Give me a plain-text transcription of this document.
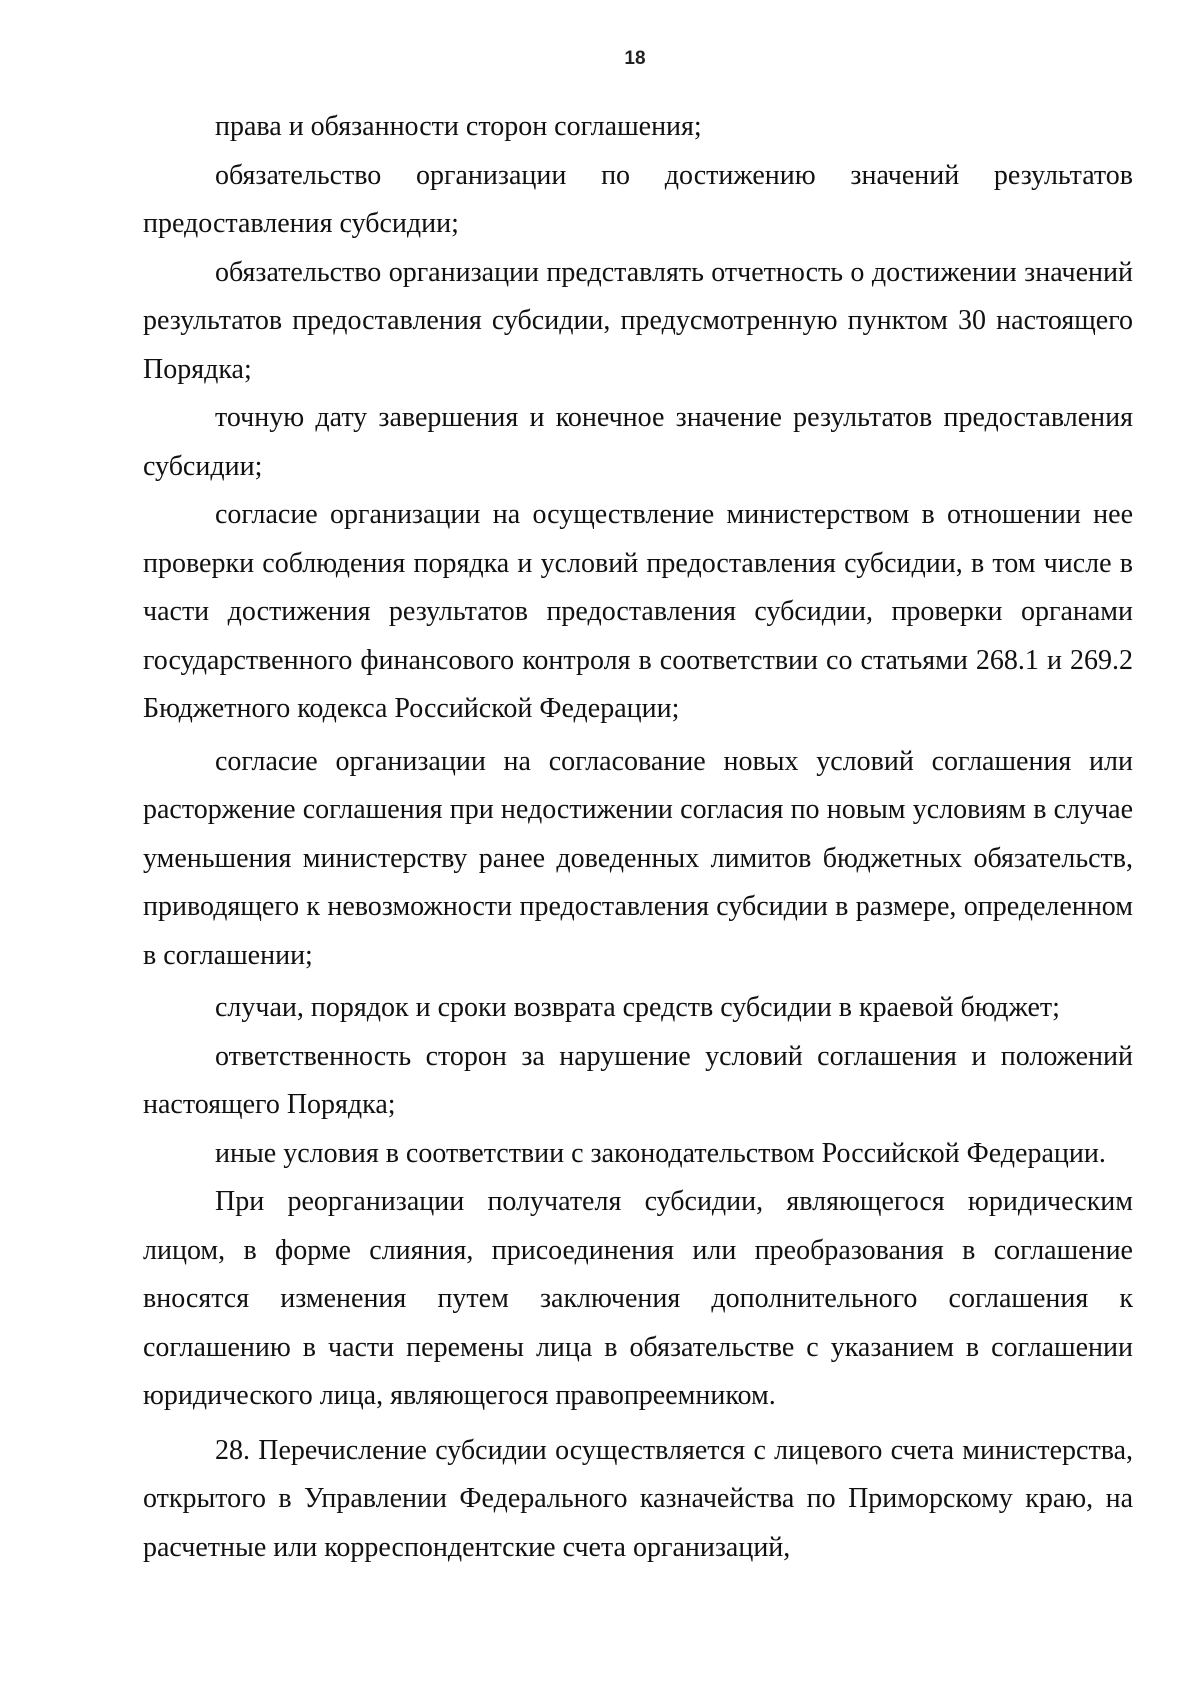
18

права и обязанности сторон соглашения;

обязательство организации по достижению значений результатов предоставления субсидии;

обязательство организации представлять отчетность о достижении значений результатов предоставления субсидии, предусмотренную пунктом 30 настоящего Порядка;

точную дату завершения и конечное значение результатов предоставления субсидии;

согласие организации на осуществление министерством в отношении нее проверки соблюдения порядка и условий предоставления субсидии, в том числе в части достижения результатов предоставления субсидии, проверки органами государственного финансового контроля в соответствии со статьями 268.1 и 269.2 Бюджетного кодекса Российской Федерации;

согласие организации на согласование новых условий соглашения или расторжение соглашения при недостижении согласия по новым условиям в случае уменьшения министерству ранее доведенных лимитов бюджетных обязательств, приводящего к невозможности предоставления субсидии в размере, определенном в соглашении;

случаи, порядок и сроки возврата средств субсидии в краевой бюджет;

ответственность сторон за нарушение условий соглашения и положений настоящего Порядка;

иные условия в соответствии с законодательством Российской Федерации.

При реорганизации получателя субсидии, являющегося юридическим лицом, в форме слияния, присоединения или преобразования в соглашение вносятся изменения путем заключения дополнительного соглашения к соглашению в части перемены лица в обязательстве с указанием в соглашении юридического лица, являющегося правопреемником.

28. Перечисление субсидии осуществляется с лицевого счета министерства, открытого в Управлении Федерального казначейства по Приморскому краю, на расчетные или корреспондентские счета организаций,
